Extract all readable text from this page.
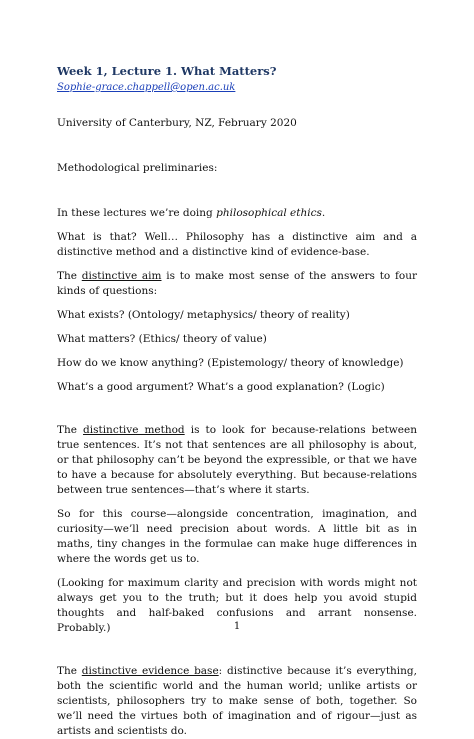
Week 1, Lecture 1. What Matters?

Sophie-grace.chappell@open.ac.uk

University of Canterbury, NZ, February 2020

Methodological preliminaries:

In these lectures we’re doing philosophical ethics.

What is that? Well… Philosophy has a distinctive aim and a distinctive method and a distinctive kind of evidence-base.

The distinctive aim is to make most sense of the answers to four kinds of questions:

What exists? (Ontology/ metaphysics/ theory of reality)

What matters? (Ethics/ theory of value)

How do we know anything? (Epistemology/ theory of knowledge)

What’s a good argument? What’s a good explanation? (Logic)

The distinctive method is to look for because-relations between true sentences. It’s not that sentences are all philosophy is about, or that philosophy can’t be beyond the expressible, or that we have to have a because for absolutely everything. But because-relations between true sentences—that’s where it starts.

So for this course—alongside concentration, imagination, and curiosity—we’ll need precision about words. A little bit as in maths, tiny changes in the formulae can make huge differences in where the words get us to.

(Looking for maximum clarity and precision with words might not always get you to the truth; but it does help you avoid stupid thoughts and half-baked confusions and arrant nonsense. Probably.)

The distinctive evidence base: distinctive because it’s everything, both the scientific world and the human world; unlike artists or scientists, philosophers try to make sense of both, together. So we’ll need the virtues both of imagination and of rigour—just as artists and scientists do.

1
